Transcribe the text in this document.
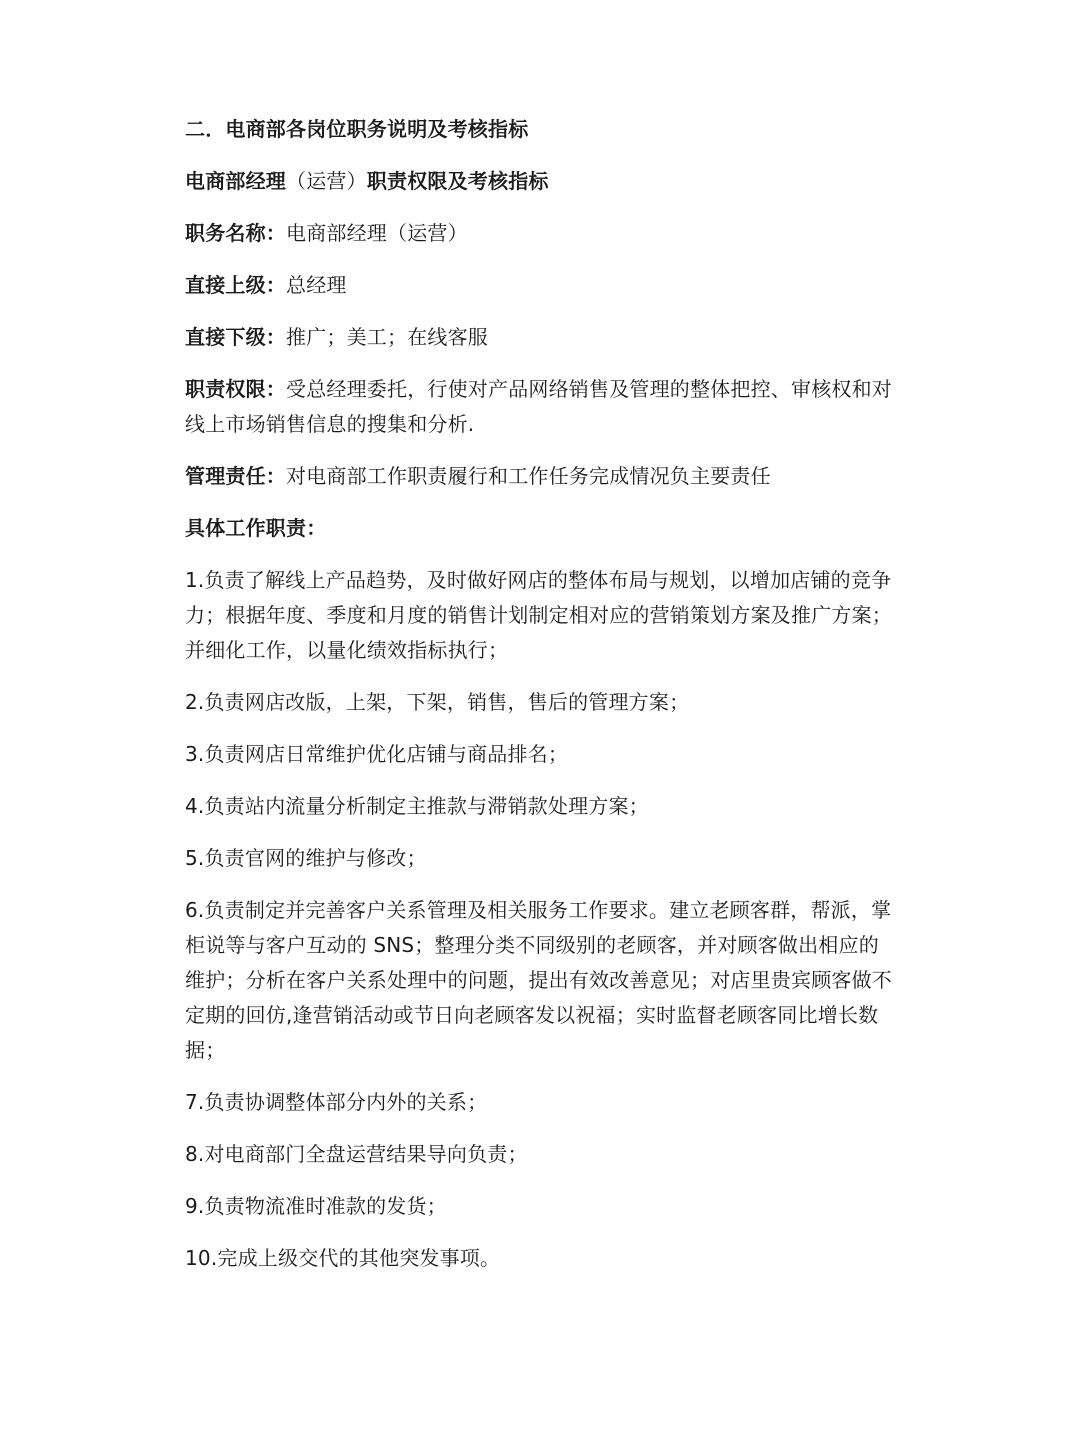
二．电商部各岗位职务说明及考核指标

电商部经理（运营）职责权限及考核指标

职务名称：电商部经理（运营）

直接上级：总经理

直接下级：推广；美工；在线客服

职责权限：受总经理委托，行使对产品网络销售及管理的整体把控、审核权和对线上市场销售信息的搜集和分析.

管理责任：对电商部工作职责履行和工作任务完成情况负主要责任

具体工作职责：

1.负责了解线上产品趋势，及时做好网店的整体布局与规划，以增加店铺的竞争力；根据年度、季度和月度的销售计划制定相对应的营销策划方案及推广方案；并细化工作，以量化绩效指标执行；

2.负责网店改版，上架，下架，销售，售后的管理方案；

3.负责网店日常维护优化店铺与商品排名；

4.负责站内流量分析制定主推款与滞销款处理方案；

5.负责官网的维护与修改；

6.负责制定并完善客户关系管理及相关服务工作要求。建立老顾客群，帮派，掌柜说等与客户互动的 SNS；整理分类不同级别的老顾客，并对顾客做出相应的维护；分析在客户关系处理中的问题，提出有效改善意见；对店里贵宾顾客做不定期的回仿,逢营销活动或节日向老顾客发以祝福；实时监督老顾客同比增长数据；

7.负责协调整体部分内外的关系；

8.对电商部门全盘运营结果导向负责；

9.负责物流准时准款的发货；

10.完成上级交代的其他突发事项。
